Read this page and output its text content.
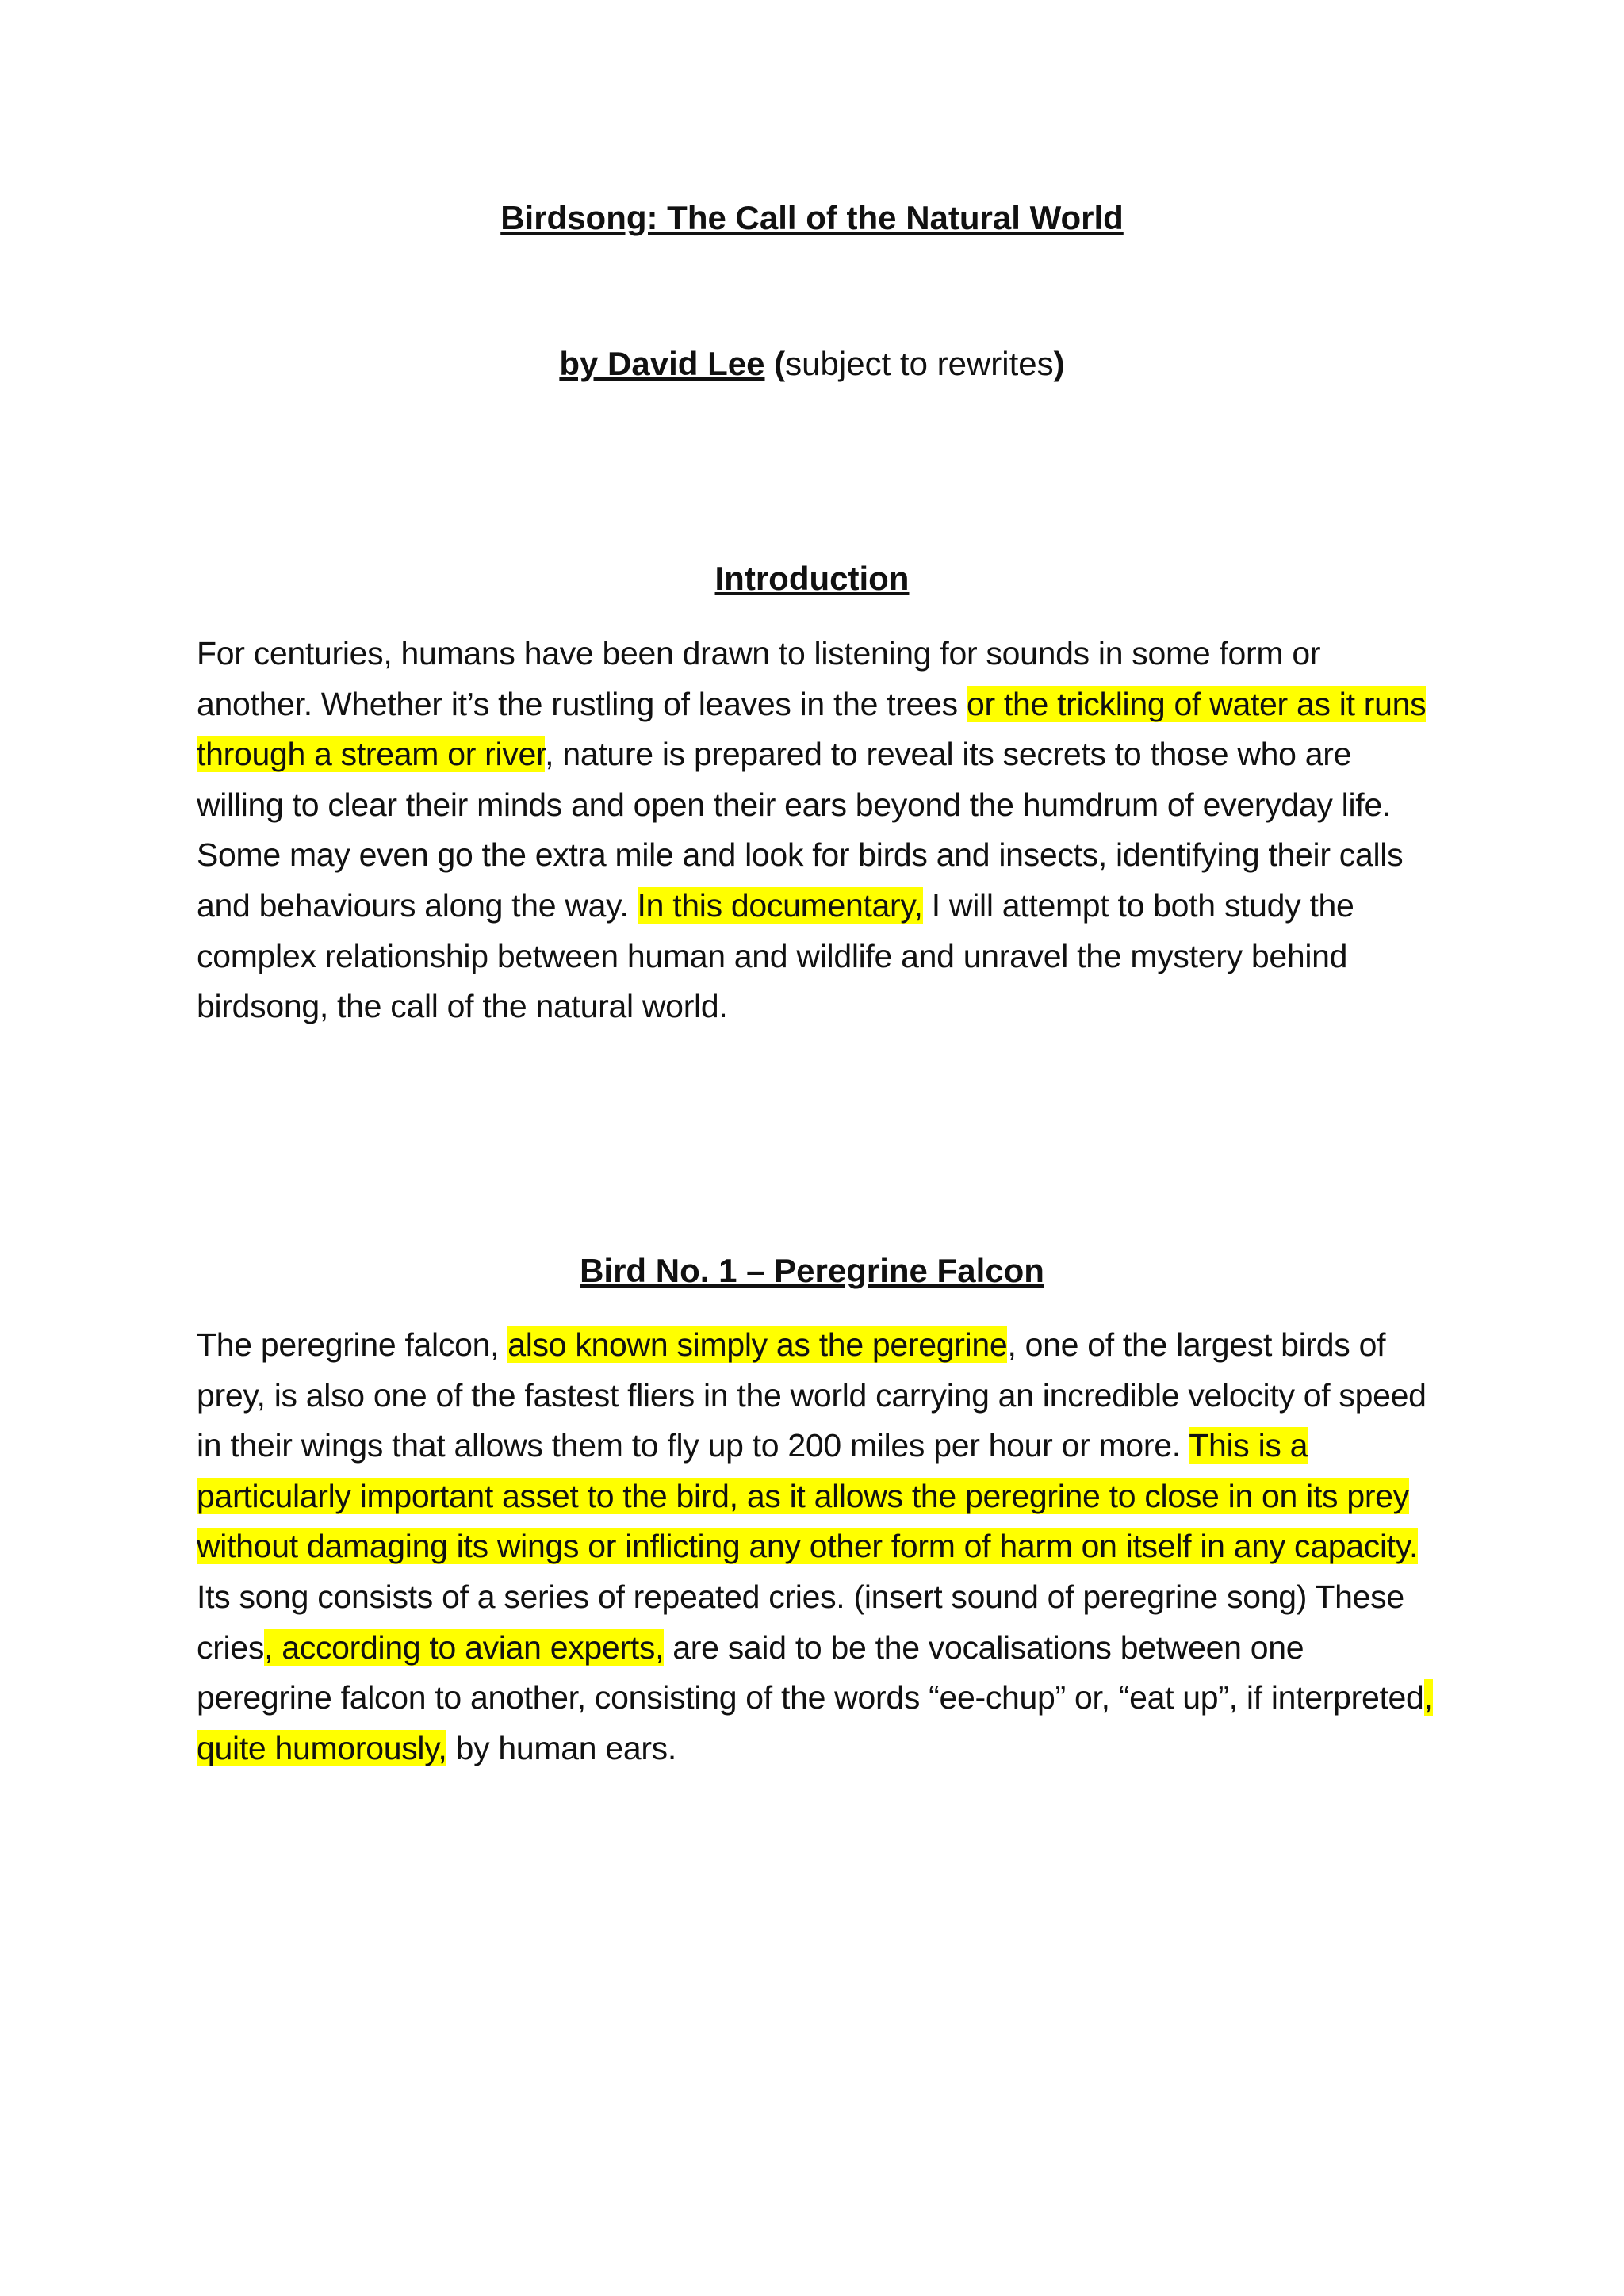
Birdsong: The Call of the Natural World
by David Lee (subject to rewrites)
Introduction
For centuries, humans have been drawn to listening for sounds in some form or another. Whether it’s the rustling of leaves in the trees or the trickling of water as it runs through a stream or river, nature is prepared to reveal its secrets to those who are willing to clear their minds and open their ears beyond the humdrum of everyday life. Some may even go the extra mile and look for birds and insects, identifying their calls and behaviours along the way. In this documentary, I will attempt to both study the complex relationship between human and wildlife and unravel the mystery behind birdsong, the call of the natural world.
Bird No. 1 – Peregrine Falcon
The peregrine falcon, also known simply as the peregrine, one of the largest birds of prey, is also one of the fastest fliers in the world carrying an incredible velocity of speed in their wings that allows them to fly up to 200 miles per hour or more. This is a particularly important asset to the bird, as it allows the peregrine to close in on its prey without damaging its wings or inflicting any other form of harm on itself in any capacity. Its song consists of a series of repeated cries. (insert sound of peregrine song) These cries, according to avian experts, are said to be the vocalisations between one peregrine falcon to another, consisting of the words “ee-chup” or, “eat up”, if interpreted, quite humorously, by human ears.
